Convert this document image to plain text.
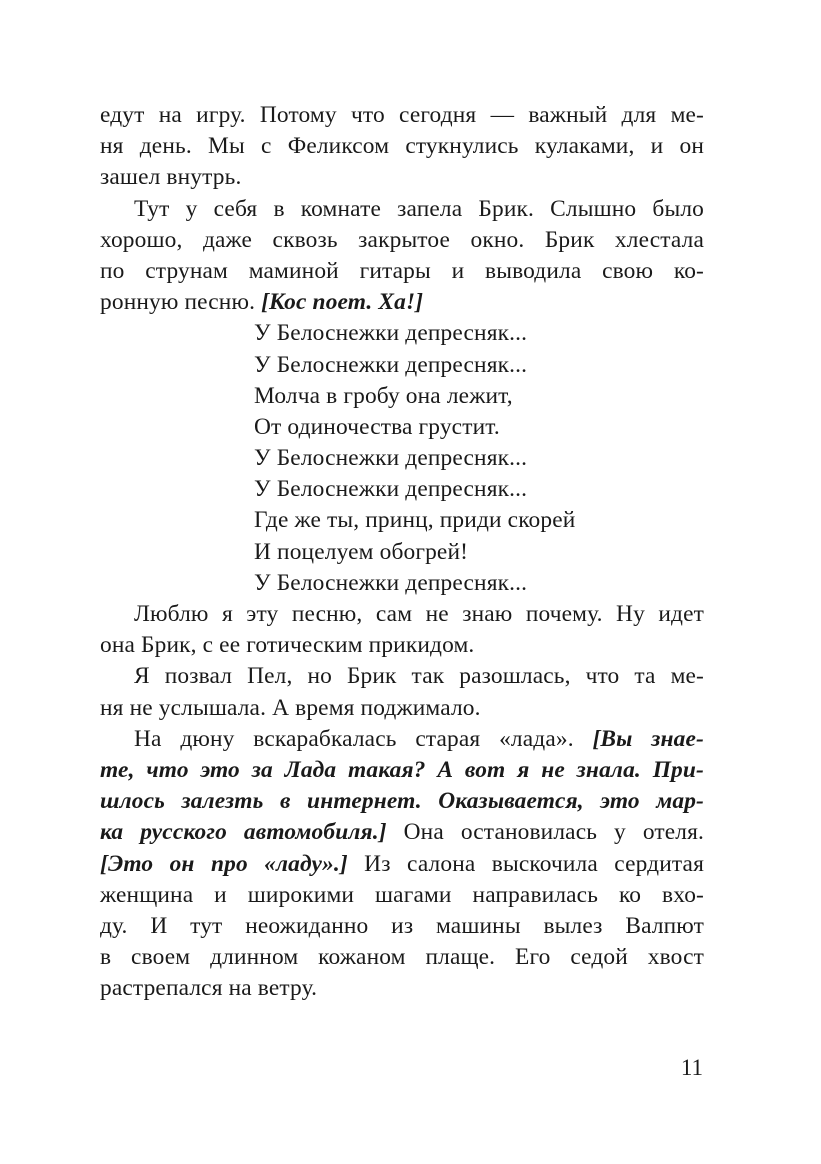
едут на игру. Потому что сегодня — важный для ме-
ня день. Мы с Феликсом стукнулись кулаками, и он
зашел внутрь.
Тут у себя в комнате запела Брик. Слышно было
хорошо, даже сквозь закрытое окно. Брик хлестала
по струнам маминой гитары и выводила свою ко-
ронную песню. [Кос поет. Ха!]
У Белоснежки депресняк...
У Белоснежки депресняк...
Молча в гробу она лежит,
От одиночества грустит.
У Белоснежки депресняк...
У Белоснежки депресняк...
Где же ты, принц, приди скорей
И поцелуем обогрей!
У Белоснежки депресняк...
Люблю я эту песню, сам не знаю почему. Ну идет
она Брик, с ее готическим прикидом.
Я позвал Пел, но Брик так разошлась, что та ме-
ня не услышала. А время поджимало.
На дюну вскарабкалась старая «лада». [Вы знае-
те, что это за Лада такая? А вот я не знала. При-
шлось залезть в интернет. Оказывается, это мар-
ка русского автомобиля.] Она остановилась у отеля.
[Это он про «ладу».] Из салона выскочила сердитая
женщина и широкими шагами направилась ко вхо-
ду. И тут неожиданно из машины вылез Валпют
в своем длинном кожаном плаще. Его седой хвост
растрепался на ветру.
11
